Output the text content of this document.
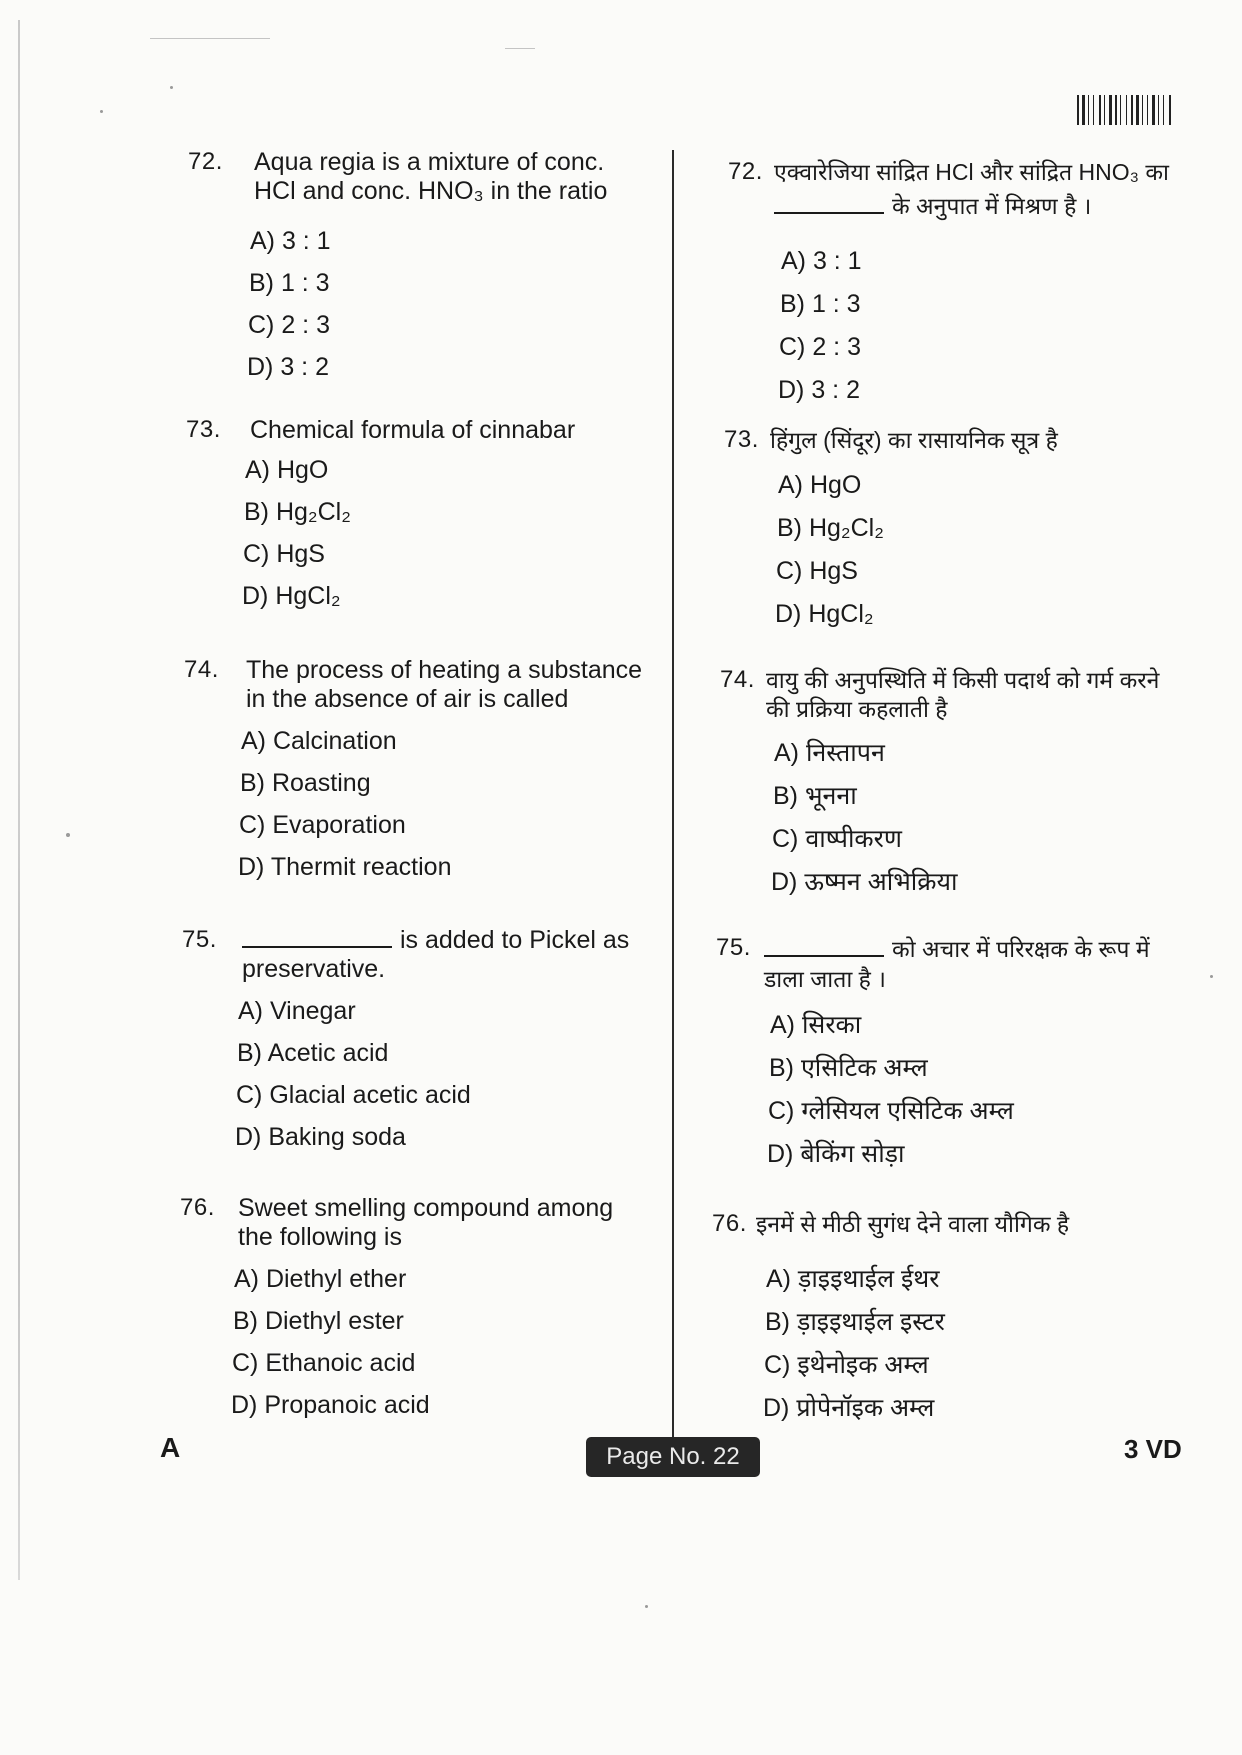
72. Aqua regia is a mixture of conc. HCl and conc. HNO₃ in the ratio
A) 3 : 1
B) 1 : 3
C) 2 : 3
D) 3 : 2
73. Chemical formula of cinnabar
A) HgO
B) Hg₂Cl₂
C) HgS
D) HgCl₂
74. The process of heating a substance in the absence of air is called
A) Calcination
B) Roasting
C) Evaporation
D) Thermit reaction
75.	is added to Pickel as preservative.
A) Vinegar
B) Acetic acid
C) Glacial acetic acid
D) Baking soda
76. Sweet smelling compound among the following is
A) Diethyl ether
B) Diethyl ester
C) Ethanoic acid
D) Propanoic acid
72. एक्वारेजिया सांद्रित HCl और सांद्रित HNO₃ का
के अनुपात में मिश्रण है ।
A) 3 : 1
B) 1 : 3
C) 2 : 3
D) 3 : 2
73. हिंगुल (सिंदूर) का रासायनिक सूत्र है
A) HgO
B) Hg₂Cl₂
C) HgS
D) HgCl₂
74. वायु की अनुपस्थिति में किसी पदार्थ को गर्म करने की प्रक्रिया कहलाती है
A) निस्तापन
B) भूनना
C) वाष्पीकरण
D) ऊष्मन अभिक्रिया
75.	को अचार में परिरक्षक के रूप में डाला जाता है ।
A) सिरका
B) एसिटिक अम्ल
C) ग्लेसियल एसिटिक अम्ल
D) बेकिंग सोड़ा
76. इनमें से मीठी सुगंध देने वाला यौगिक है
A) ड़ाइइथाईल ईथर
B) ड़ाइइथाईल इस्टर
C) इथेनोइक अम्ल
D) प्रोपेनॉइक अम्ल
A	Page No. 22	3 VD
